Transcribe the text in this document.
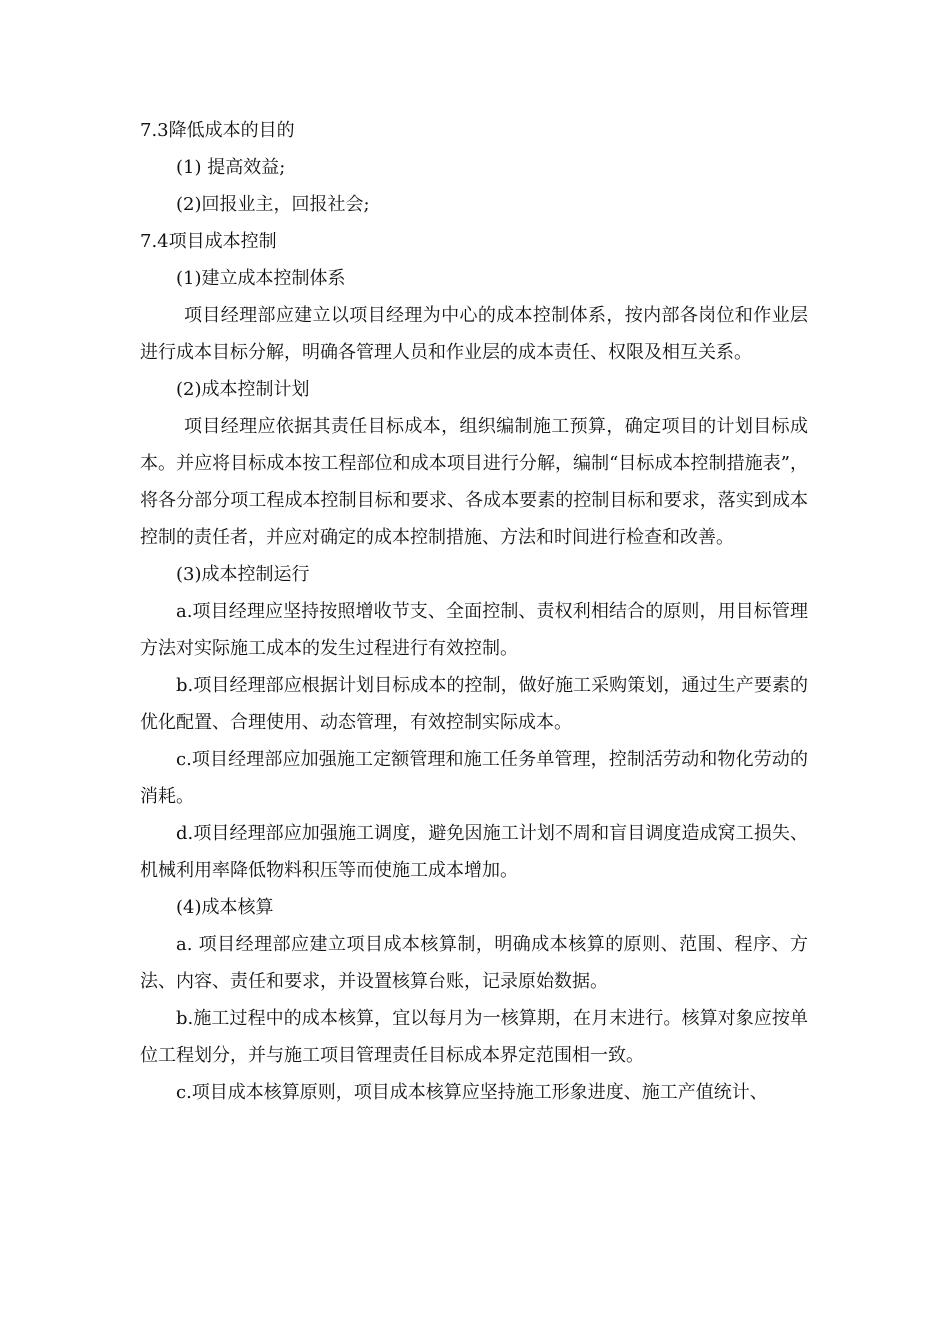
7.3降低成本的目的

(1) 提高效益;

(2)回报业主，回报社会;

7.4项目成本控制

(1)建立成本控制体系

项目经理部应建立以项目经理为中心的成本控制体系，按内部各岗位和作业层进行成本目标分解，明确各管理人员和作业层的成本责任、权限及相互关系。

(2)成本控制计划

项目经理应依据其责任目标成本，组织编制施工预算，确定项目的计划目标成本。并应将目标成本按工程部位和成本项目进行分解，编制“目标成本控制措施表”，将各分部分项工程成本控制目标和要求、各成本要素的控制目标和要求，落实到成本控制的责任者，并应对确定的成本控制措施、方法和时间进行检查和改善。

(3)成本控制运行

a.项目经理应坚持按照增收节支、全面控制、责权利相结合的原则，用目标管理方法对实际施工成本的发生过程进行有效控制。

b.项目经理部应根据计划目标成本的控制，做好施工采购策划，通过生产要素的优化配置、合理使用、动态管理，有效控制实际成本。

c.项目经理部应加强施工定额管理和施工任务单管理，控制活劳动和物化劳动的消耗。

d.项目经理部应加强施工调度，避免因施工计划不周和盲目调度造成窝工损失、机械利用率降低物料积压等而使施工成本增加。

(4)成本核算

a. 项目经理部应建立项目成本核算制，明确成本核算的原则、范围、程序、方法、内容、责任和要求，并设置核算台账，记录原始数据。

b.施工过程中的成本核算，宜以每月为一核算期，在月末进行。核算对象应按单位工程划分，并与施工项目管理责任目标成本界定范围相一致。

c.项目成本核算原则，项目成本核算应坚持施工形象进度、施工产值统计、
